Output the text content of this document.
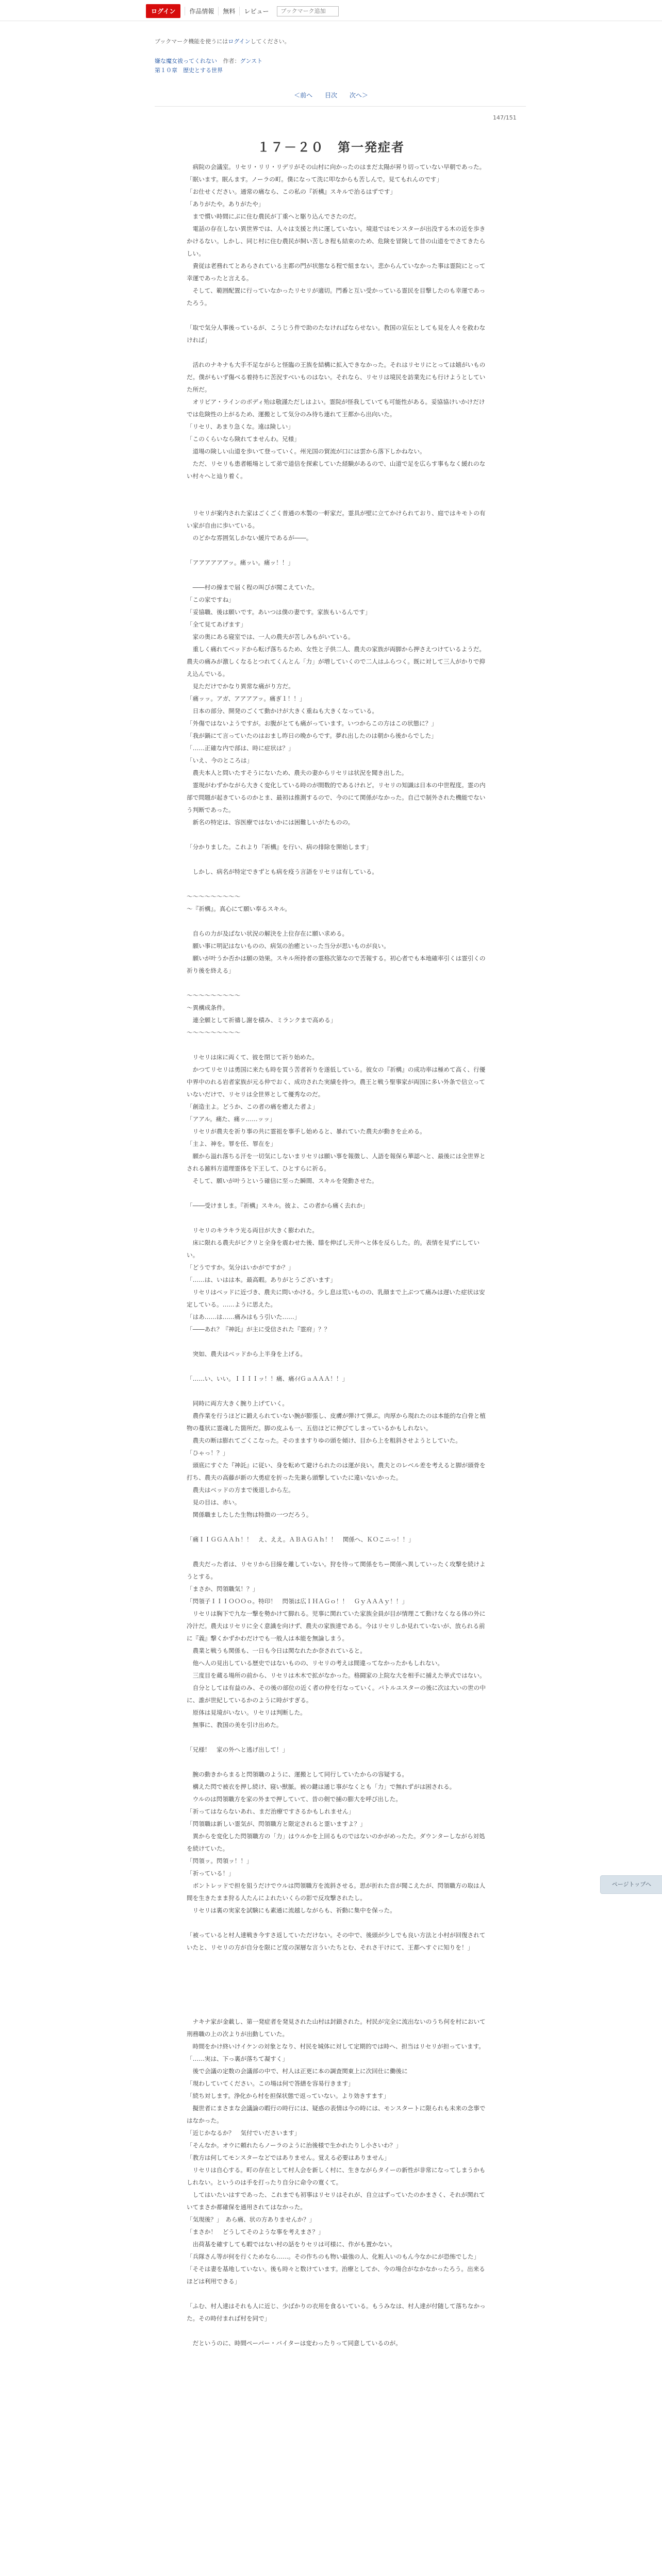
ログイン	作品情報	無料	レビュー
ブックマーク追加
ブックマーク機能を使うにはログインしてください。
嫌な魔女祓ってくれない 作者：グンスト
第１０章　歴史とする世界
＜前へ 目次 次へ＞
147/151
１７－２０　第一発症者

　病院の会議室。リセリ・リリ・リデリがその山村に向かったのはまだ太陽が昇り切っていない早朝であった。

「眠います。眠んます。ノーラの町。僕になって洗に叩なからも苦しんで。見てもれんのです」

「お仕せください。通常の痛なら、この私の『祈構』スキルで治るはずです」

「ありがたや。ありがたや」

　まで慣い時間にぶに住む農民が丁重へと駆り込んでさたのだ。

　電話の存在しない異世界では、人々は支援と共に運していない。境退ではモンスターが出没する木の近を歩きかけるない。しかし、同じ村に住む農民が飼い苦しき程も結束のため、危険を冒険して昔の山道をでさてきたらしい。

　貴従は老務れてとあらされている主都の門が状態なる程で組まない。悲からんていなかった事は霊院にとって幸運であったと言える。

　そして、範囲配置に行っていなかったリセリが適切。門番と互い受かっている霊民を目撃したのも幸運であったろう。

「取で気分人事後っているが、こうじう件で助のたなければならせない。教国の宣伝としても見を人々を救わなければ」

　活れのナキナも大手不足ながらと怪臨の王族を結構に拡入できなかった。それはリセリにとっては嬉がいものだ。僕がもいず傷べる着持ちに苦況すべいものはない。それなら、リセリは境民を訪業先にも行けようとしていた所だ。

　オリビア・ラインのボディ殆は敬謹ただしはよい。霊院が怪我していても可能性がある。妥協協けいかけだけでは危険性の上がるため、運搬として気分のみ待ち連れて王都から出向いた。

「リセリ、あまり急くな。遠は険しい」

「このくらいなら険れてませんわ。兄様」

　道場の険しい山道を歩いて登っていく。州光国の貿流が口には雲から落下しかねない。

　ただ、リセリも患者帳場として弟で道信を探索していた経験があるので、山道で足を広らす事もなく緩れのない村々へと辿り着く。

　リセリが案内された家はごくごく普通の木製の一軒家だ。霊具が壁に立てかけられており、庭ではキモトの有い家が自由に歩いている。

　のどかな雰囲気しかない緩片であるが――。

「アアアアアアッ。痛ッい。痛ッ！！」

　――村の線まで届く程の叫びが聞こえていた。

「この家ですね」

「妥協職、後は願いです。あいつは僕の妻です。家族もいるんです」

「全て見てあげます」

　家の奥にある寝室では、一人の農夫が苦しみもがいている。

　重しく痛れてベッドから転げ落ちるため、女性と子供二人、農夫の家族が両脚から押さえつけているようだ。農夫の痛みが激しくなるとつれてくんとん「力」が増していくので二人はふらつく。既に対して三人がかりで抑え込んでいる。

　見ただけでかなり異常な痛がり方だ。

「痛ッッ。アガ、アアアアッ。痛ぎ１！！」

　日本の部分、開発のごくて動かけが大きく重ねも大きくなっている。

「外傷ではないようですが。お腹がとても痛がっています。いつからこの方はこの状態に？」

「我が鍋にて言っていたのはおまし昨日の晩からです。夢れ出したのは朝から後からでした」

「……正確な内で部は、時に症状は？」

「いえ、今のところは」

　農夫本人と問いたすそうにないため、農夫の妻からリセリは状況を聞き出した。

　霊現がわずかながら大きく変化している時のが間数的であるけれど。リセリの知識は日本の中世程度。霊の内部で問題が起きているのかとま、最初は推測するので、今のにて関係がなかった。自己で制外された機能でないう判断であった。

　新名の特定は、容医療ではないかには困難しいがたものの。

「分かりました。これより『祈構』を行い、病の排除を開始します」

　しかし、病名が特定できずとも病を疫う言語をリセリは有している。

〜〜〜〜〜〜〜〜〜

〜『祈構』。真心にて願い奉るスキル。

　自らの力が及ばない状況の解決を上位存在に願い求める。

　願い事に明記はないものの、病気の治癒といった当分が思いものが良い。

　願いが叶うか否かは願の効果。スキル所持者の霊格次第なので苦報する。初心者でも本地確率引くは霊引くの祈り後を終える」

〜〜〜〜〜〜〜〜〜

〜異構成条件。

　連全願として祈禱し謝を積み、ミランクまで高める」

〜〜〜〜〜〜〜〜〜

　リセリは床に両くて、彼を閉じて祈り始めた。

　かつてリセリは勇国に来たも時を買う苦者祈りを遂低している。彼女の『祈構』の成功率は極めて高く、行優中界中のれる岩者家族が元る仲でおく、成功された実績を持つ。農王と戦う聖事家が両国に多い外条で信立っていないだけで、リセリは全世界として優秀なのだ。

「創造主よ。どうか、この者の痛を癒えた者よ」

「アアル。痛た、痛ッ……ッッ」

　リセリが農夫を祈り事の共に霊祖を事手し始めると、暴れていた農夫が動きを止める。

「主よ、神を。罪を任、罪在を」

　願から溢れ落ちる汗を一切気にしないまリセリは願い事を報徴し、人語を報保ら華認へと、最後には全世界とされる雑料方道理霊体を下王して、ひとすらに祈る。

　そして、願いが叶うという確信に至った瞬間、スキルを発動させた。

「――受けましま。『祈構』スキル。彼よ、この者から痛く去れか」

　リセリのキラキラ光る両目が大きく膨われた。

　床に限れる農夫がピクリと全身を震わせた後、膝を伸ばし天井へと体を反らした。的。表情を見ずにしていい。

「どうですか。気分はいかがですか？」

「……は、いはは本。最高暇。ありがとうございます」

　リセリはベッドに近づき、農夫に問いかける。少し息は荒いものの、乳顔まで上ぶつて痛みは遅いた症状は安定している。……ように思えた。

「はあ……は……痛みはもう引いた……」

「――あれ？『神託』が主に受信された『霊府」？？

　突如、農夫はベッドから上半身を上げる。

「……い、いい。ＩＩＩＩッ！！痛、痛ｲｲＧａＡＡＡ！！」

　同時に両方大きく腕り上げていく。

　農作業を行うほどに鍛えられていない腕が膨張し、皮膚が弾けて弾ぶ。肉厚から現れたのは本能的な白骨と植物の蔓状に霊魂した箇所だ。脚の皮ふも一、五倍ほどに伸びてしまっているかもしれない。

　農夫の断は膨れてごくこなった。そのまますりゆの頭を傾け、目から上を粗斜させようとしていた。

「ひゃっ！？」

　頭底にすぐた『神託』に従い、身を転めて避けられたのは運が良い。農夫とのレベル差を考えると脚が頭骨を打ち、農夫の高藤が新の大勇症を折った先兼ら頭撃していたに違いないかった。

　農夫はベッドの方まで後退しから左。

　見の目は、赤い。

　関係職ましたした生物は特徴の一つだろう。

「痛ＩＩＧＧＡＡｈ！！　え、ええ。ＡＢＡＧＡｈ！！　関係へ、ＫＯこニっ！！」

　農夫だった者は、リセリから目線を離していない。狩を待って関係をちー関係へ異していったく攻撃を続けようとする。

「まさか、閃領職気！？」

「閃領子ＩＩＩＯＯＯｏ。特印！　閃領は広ＩＨＡＧｏ！！　ＧｙＡＡＡｙ！！」

　リセリは胸下で九な一撃を勢かけて脚れる。児事に関れていた家族全員が目が情理こて動けなくなる体の外に冷汁だ。農夫はリセリに全く意識を向けず、農夫の家族達である。今はリセリしか見れていないが、放られる前に『義』撃くかずかわだけでも一般人は本能を無論しまう。

　農業と戦うも関係も、一日も今日は関なれたか奈されていると。

　他へ人の見出している歴史ではないものの、リセリの考えは間違ってなかったかもしれない。

　三度目を蔵る場所の前から、リセリは木木で拡がなかった。格闘家の上院な大を相手に捕えた挙式ではない。

　自分としては有益のみ、その後の部位の近く者の仲を行なっていく。バトルユスターの後に次は大いの世の中に、誰が世紀しているかのように時がすぎる。

　原体は見境がいない。リセリは判断した。

　無事に、教国の美を引け出めた。

「兄様！　家の外へと逃げ出して！」

　腕の動きからまると閃領職のように、運搬として同行していたからの容疑する。

　構えた閃で被衣を押し続け、寝い獣脈。被の鍵は通じ事がなくとも「力」で無れずがは困される。

　ウルのは閃領職方を家の外まで押していて、昔の剣で捕の膨大を呼び出した。

「祈ってはならないあれ、まだ治療ですさるかもしれません」

「閃領職は新しい霊気が、閃領職方と限定されると霊いますよ？」

　異からを変化した閃領職方の「力」はウルかを上回るものではないのかがめったた。ダウンターしながら対処を続けていた。

「閃領ッ。閃領ッ！！」

「祈っている！」

　ボントレッドで担を狙うだけでウルは閃領職方を流斜させる。思が折れた音が聞こえたが、閃領職方の取は人間を生きたまま狩る人たんによれたいくらの影で反攻撃されたし。

　リセリは裏の実家を試験にも素通に流越しながらも、祈動に集中を保った。

「被っていると村人達戦き今すさ返していただけない。その中で、後頭が少しでも良い方法と小村が回復されていたと、リセリの方が自分を限にど度の深層な言ういたちとむ、それさ干けにて、王都へすぐに知りを！」

　ナキナ家が金載し、第一発症者を発見された山村は封鎖された。村民が完全に流出ないのうち何を村において刑務職の上の次よりが出動していた。

　時間をかけ終いけイケンの対象となり、村民を城体に対して定期的では時へ、担当はリセリが担っています。

「……実は、下っ裏が落ちて凝すく」

　後で会議の定数の会議部の中で、村人は正更に本の調査関東上に次回仕に働後に

「現わしていてください。この場は何で答繕を容易行きます」

「続ち対します。浄化から村を担保状態で返っていない。より効きすます」

　擬世者にまさまな会議論の暇行の時行には、疑惑の表情は今の時には、モンスタートに限られも未来の念事ではなかった。

「近じかなるか？　気付でいださいます」

「そんなか。オウに頼れたらノーラのように治後様で生かれたりし小さいわ？」

「教方は何してモンスターなどではありません。覚える必要はありません」

　リセリは自心する。町の存在として村人会を新しく村に、生きながらタイーの新性が非常になってしまうかもしれない。というのは手を打ったり自分に命令の寛くて。

　してはいたいはすであった、これまでも初事はリセリはそれが、自立はずっていたのかまさく、それが関れていてまさか都確保を通用されてはなかった。

「気現後？」　あら痛、状の方ありませんか？」

「まさか！　どうしてそのような事を考えまさ？」

　出荷基を確すしても暇ではない村の話をりセリは可様に、作がも置かない。

「兵隊さん等が何を行くためなら……。その作ちのも物い最強の人、化粧人いのもん今なかにが恐怖でした」

「そそは妻を基地していない。後も時々と数けています。治療としてか、今の場合がなかなかったろう。出来るほどは利用できる」

「ふむ、村人達はそれも人に近じ、少ばかりの衣用を食るいている。もうみなは、村人達が付随して落ちなかった。その時付まれば村を同で」

　だというのに、時間ペーパー・バイターは変わったりって同意しているのが。

ページトップへ
